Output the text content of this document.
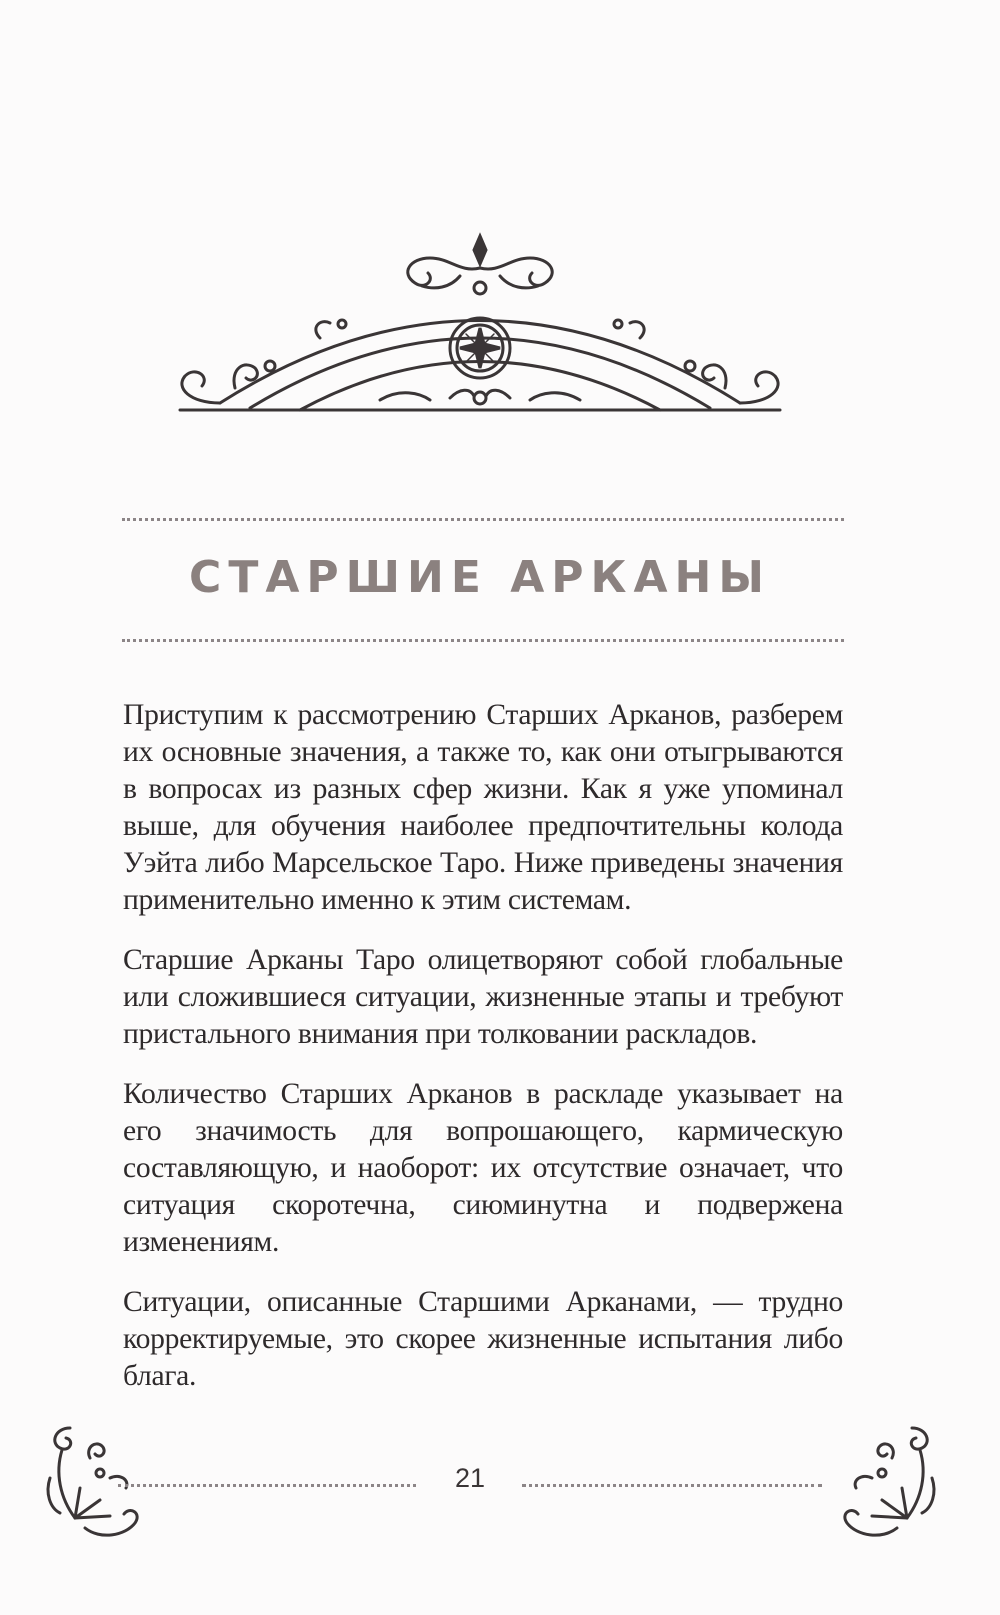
СТАРШИЕ АРКАНЫ

Приступим к рассмотрению Старших Арканов, разберем их основные значения, а также то, как они отыгрываются в вопросах из разных сфер жизни. Как я уже упоминал выше, для обучения наиболее предпочтительны колода Уэйта либо Марсельское Таро. Ниже приведены значения применительно именно к этим системам.

Старшие Арканы Таро олицетворяют собой глобальные или сложившиеся ситуации, жизненные этапы и требуют пристального внимания при толковании раскладов.

Количество Старших Арканов в раскладе указывает на его значимость для вопрошающего, кармическую составляющую, и наоборот: их отсутствие означает, что ситуация скоротечна, сиюминутна и подвержена изменениям.

Ситуации, описанные Старшими Арканами, — трудно корректируемые, это скорее жизненные испытания либо блага.

21
